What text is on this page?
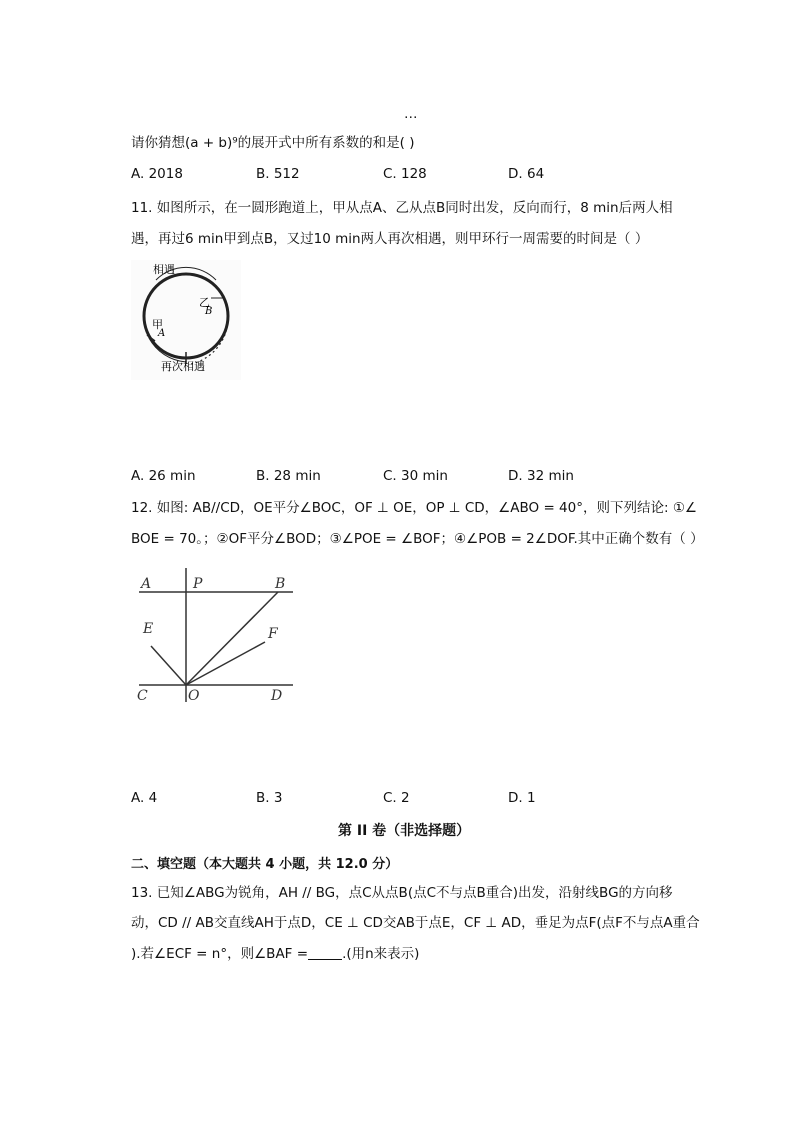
…
请你猜想(a + b)⁹的展开式中所有系数的和是( )
A. 2018	B. 512	C. 128	D. 64
11. 如图所示，在一圆形跑道上，甲从点A、乙从点B同时出发，反向而行，8 min后两人相
遇，再过6 min甲到点B，又过10 min两人再次相遇，则甲环行一周需要的时间是（ ）
相遇
乙
B
甲
A
再次相遇
A. 26 min	B. 28 min	C. 30 min	D. 32 min
12. 如图: AB//CD，OE平分∠BOC，OF ⊥ OE，OP ⊥ CD，∠ABO = 40°，则下列结论: ①∠
BOE = 70。；②OF平分∠BOD；③∠POE = ∠BOF；④∠POB = 2∠DOF.其中正确个数有（ ）
A	P	B
E	F
C	O	D
A. 4	B. 3	C. 2	D. 1
第 II 卷（非选择题）
二、填空题（本大题共 4 小题，共 12.0 分）
13. 已知∠ABG为锐角，AH // BG，点C从点B(点C不与点B重合)出发，沿射线BG的方向移
动，CD // AB交直线AH于点D，CE ⊥ CD交AB于点E，CF ⊥ AD，垂足为点F(点F不与点A重合
).若∠ECF = n°，则∠BAF =	.(用n来表示)
